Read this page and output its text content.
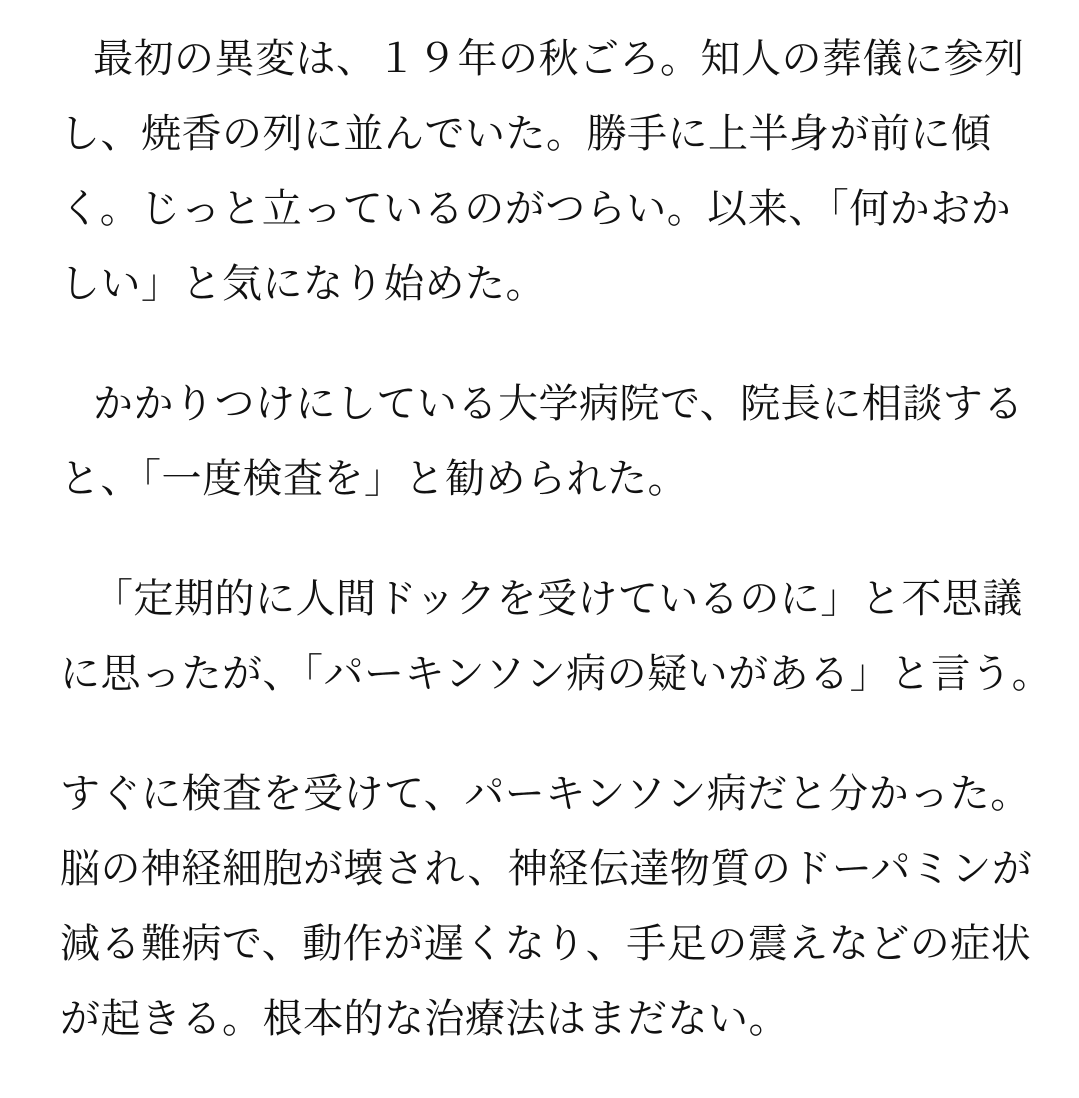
最初の異変は、１９年の秋ごろ。知人の葬儀に参列
し、焼香の列に並んでいた。勝手に上半身が前に傾
く。じっと立っているのがつらい。以来、「何かおか
しい」と気になり始めた。

かかりつけにしている大学病院で、院長に相談する
と、「一度検査を」と勧められた。

「定期的に人間ドックを受けているのに」と不思議
に思ったが、「パーキンソン病の疑いがある」と言う。

すぐに検査を受けて、パーキンソン病だと分かった。
脳の神経細胞が壊され、神経伝達物質のドーパミンが
減る難病で、動作が遅くなり、手足の震えなどの症状
が起きる。根本的な治療法はまだない。
